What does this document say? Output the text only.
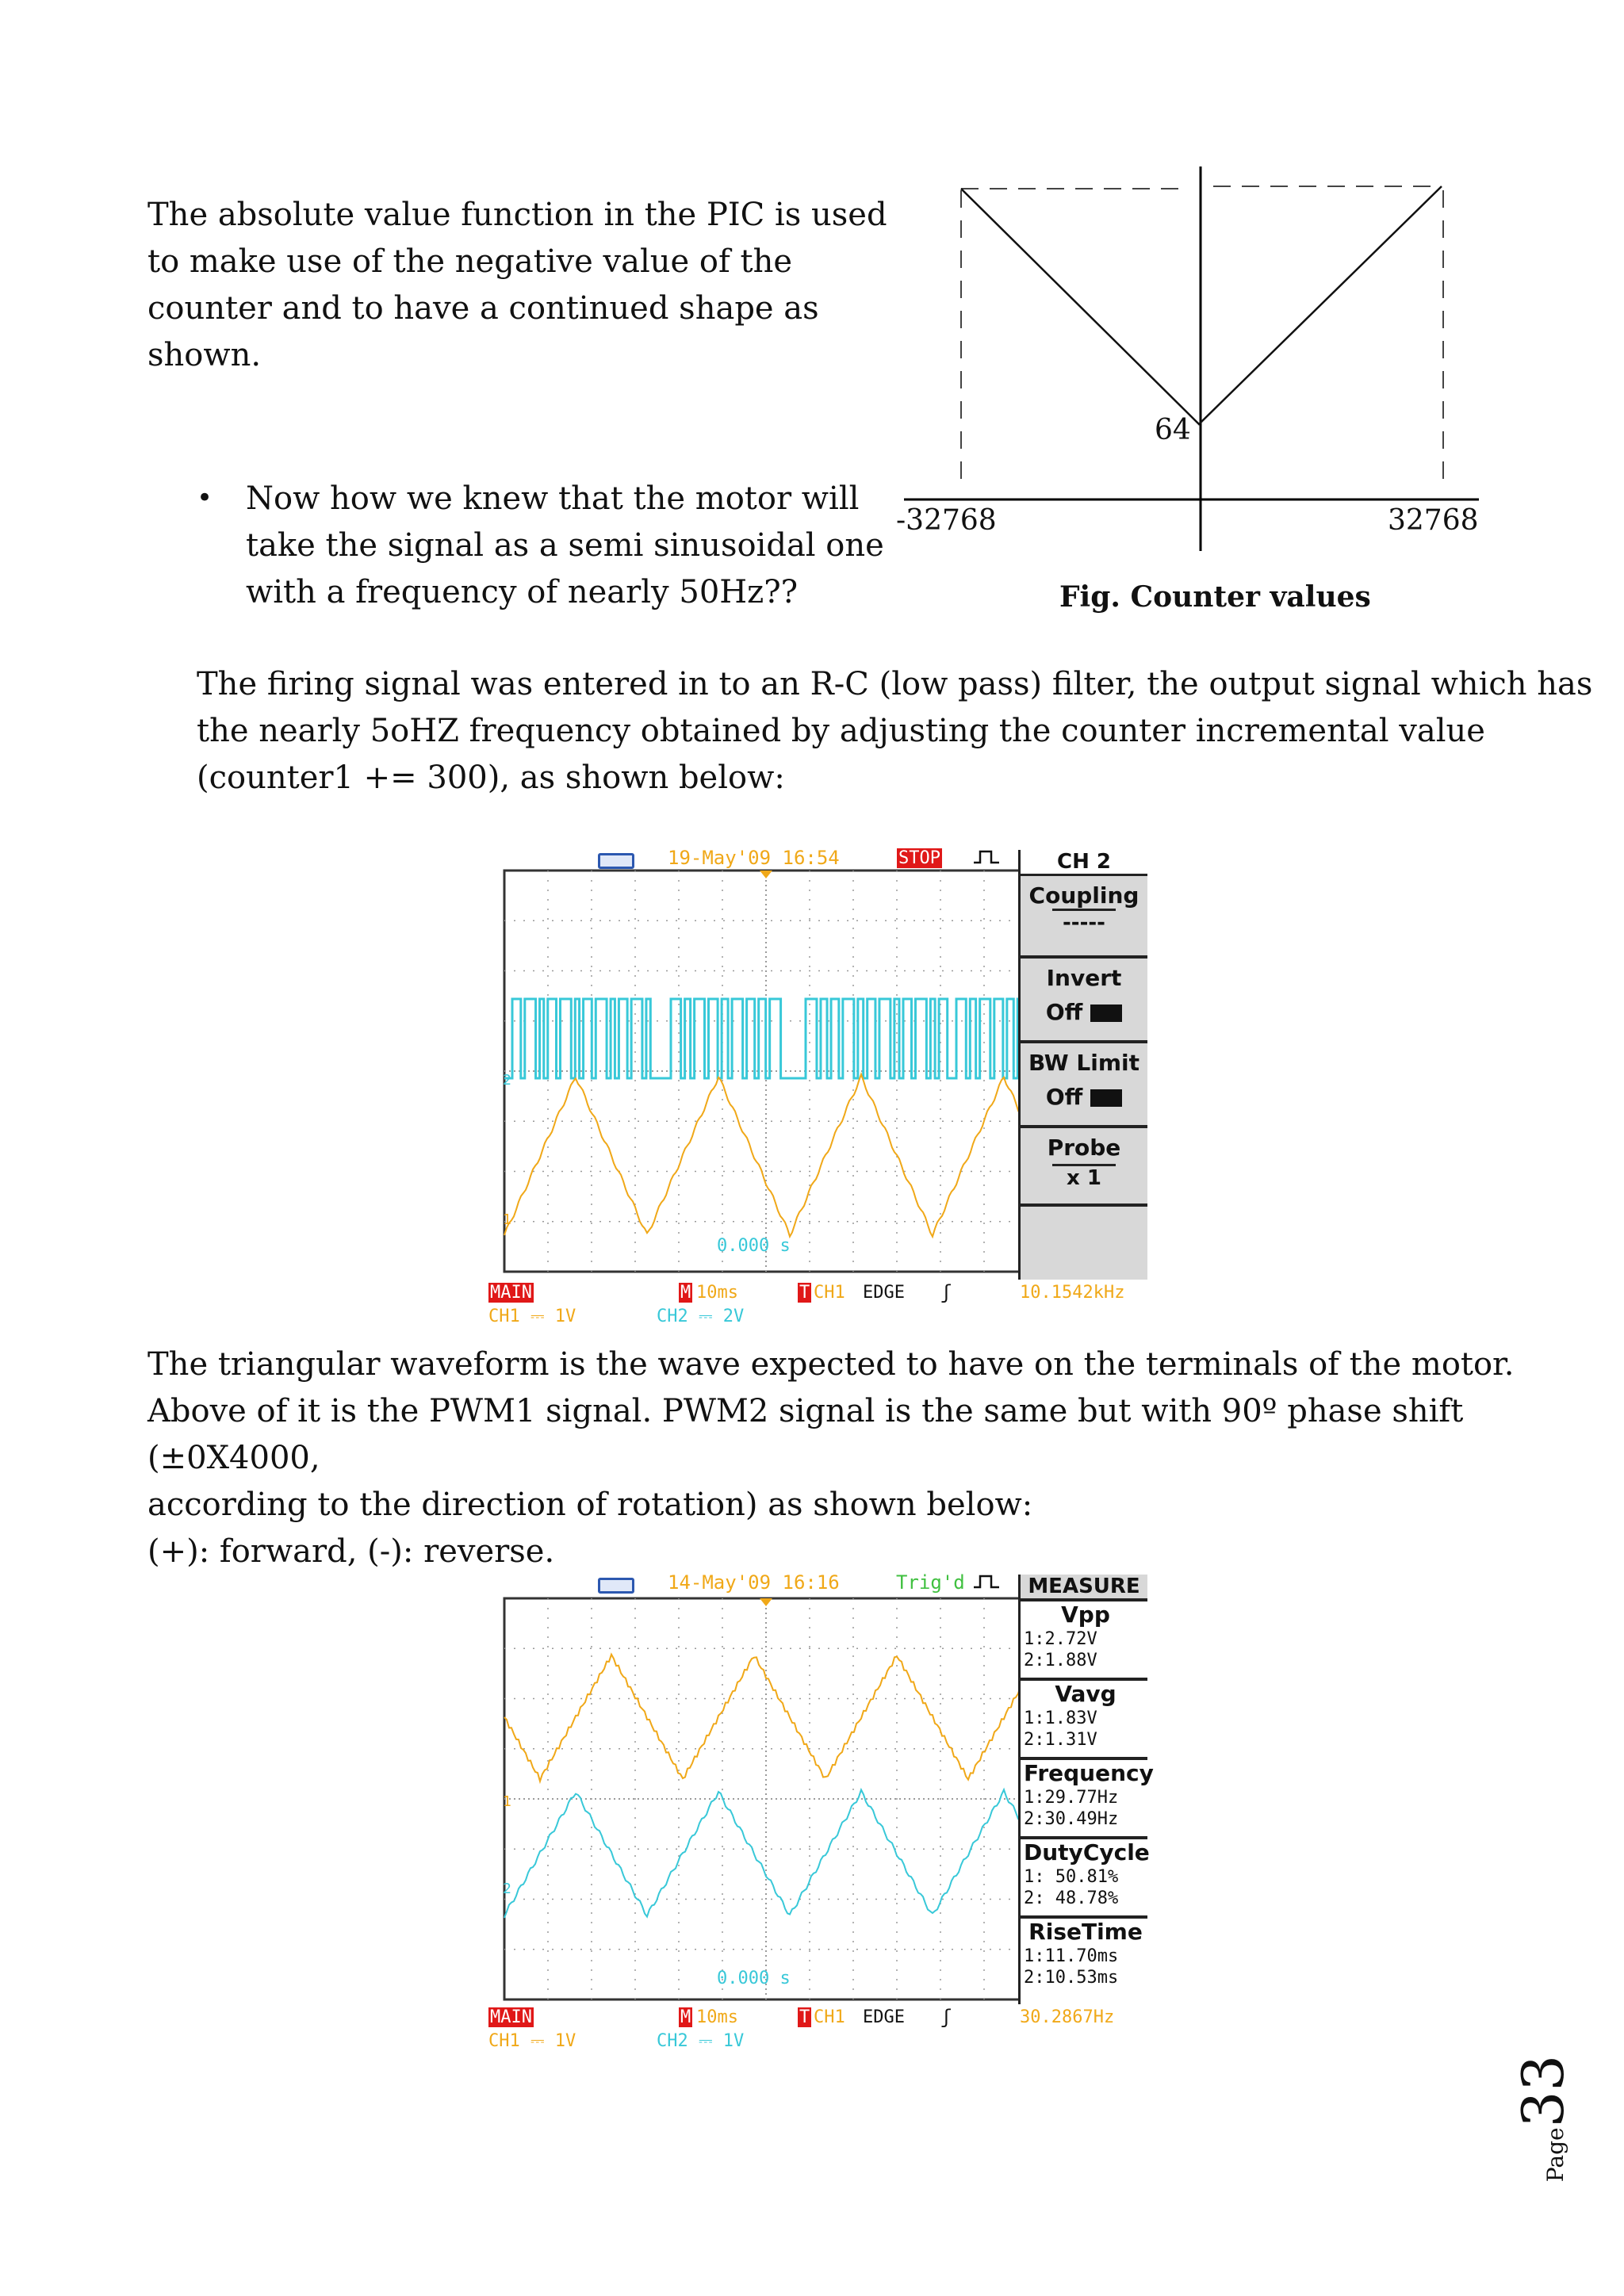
The absolute value function in the PIC is used
to make use of the negative value of the
counter and to have a continued shape as
shown.
• Now how we knew that the motor will
take the signal as a semi sinusoidal one
with a frequency of nearly 50Hz??
-32768	32768
64
Fig. Counter values
The firing signal was entered in to an R-C (low pass) filter, the output signal which has
the nearly 5oHZ frequency obtained by adjusting the counter incremental value
(counter1 += 300), as shown below:
19-May'09 16:54	STOP
0.000 s
2
1
CH 2
Coupling
-----
Invert
Off
BW Limit
Off
Probe
x 1
MAIN	M 10ms	T CH1 EDGE ʃ	10.1542kHz
CH1 ⎓ 1V	CH2 ⎓ 2V
The triangular waveform is the wave expected to have on the terminals of the motor.
Above of it is the PWM1 signal. PWM2 signal is the same but with 90º phase shift (±0X4000,
according to the direction of rotation) as shown below:
(+): forward, (-): reverse.
14-May'09 16:16	Trig'd
0.000 s
1
2
MEASURE
Vpp
1:2.72V
2:1.88V
Vavg
1:1.83V
2:1.31V
Frequency
1:29.77Hz
2:30.49Hz
DutyCycle
1: 50.81%
2: 48.78%
RiseTime
1:11.70ms
2:10.53ms
MAIN	M 10ms	T CH1 EDGE ʃ	30.2867Hz
CH1 ⎓ 1V	CH2 ⎓ 1V
Page33
